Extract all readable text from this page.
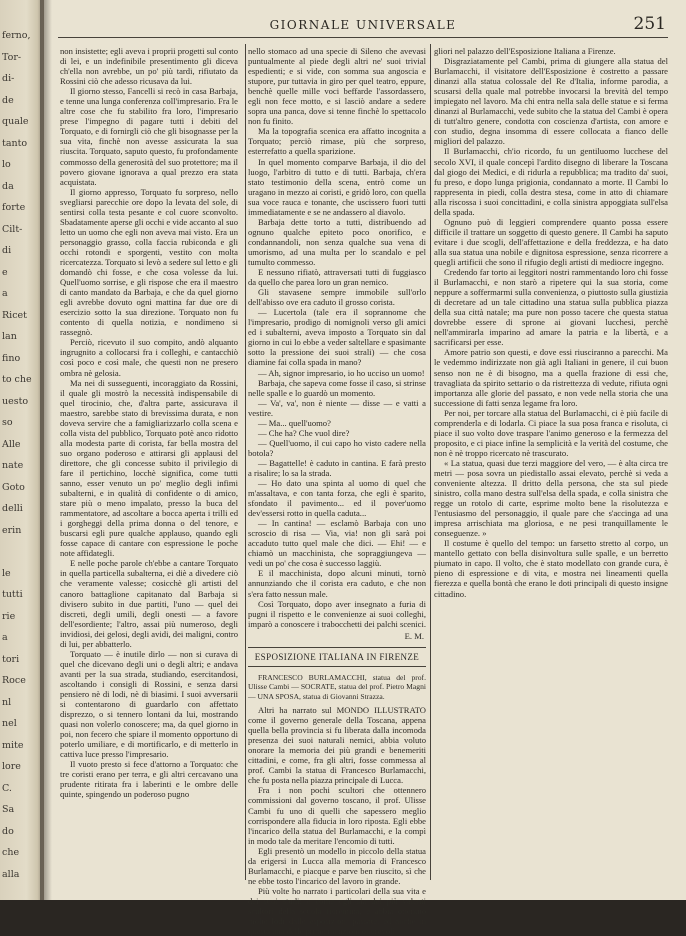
ferno,
Tor-
di-
de
quale
tanto
lo
da
forte
Cilt-
di
e
a
Ricet
lan
fino
to che
uesto
so
Alle
nate
Goto
delli
erin
le
tutti
rie
a
tori
Roce
nl
nel
mite
lore
C.
Sa
do
che
alla
GIORNALE UNIVERSALE	251

non insistette; egli aveva i proprii progetti sul conto di lei, e un indefinibile presentimento gli diceva ch'ella non avrebbe, un po' più tardi, rifiutato da Rossini ciò che adesso ricusava da lui.

Il giorno stesso, Fancelli si recò in casa Barbaja, e tenne una lunga conferenza coll'impresario. Fra le altre cose che fu stabilito fra loro, l'impresario prese l'impegno di pagare tutti i debiti del Torquato, e di fornirgli ciò che gli bisognasse per la sua vita, finchè non avesse assicurata la sua riuscita. Torquato, saputo questo, fu profondamente commosso della generosità del suo protettore; ma il povero giovane ignorava a qual prezzo era stata acquistata.

Il giorno appresso, Torquato fu sorpreso, nello svegliarsi parecchie ore dopo la levata del sole, di sentirsi colla testa pesante e col cuore sconvolto. Sbadatamente aperse gli occhi e vide accanto al suo letto un uomo che egli non aveva mai visto. Era un personaggio grasso, colla faccia rubiconda e gli occhi rotondi e sporgenti, vestito con molta ricercatezza. Torquato si levò a sedere sul letto e gli domandò chi fosse, e che cosa volesse da lui. Quell'uomo sorrise, e gli rispose che era il maestro di canto mandato da Barbaja, e che da quel giorno egli avrebbe dovuto ogni mattina far due ore di esercizio sotto la sua direzione. Torquato non fu contento di quella notizia, e nondimeno si rassegnò.

Perciò, ricevuto il suo compito, andò alquanto ingrugnito a collocarsi fra i colleghi, e cantacchiò così poco e così male, che questi non ne presero ombra nè gelosia.

Ma nei di susseguenti, incoraggiato da Rossini, il quale gli mostrò la necessità indispensabile di quel tirocinio, che, d'altra parte, assicurava il maestro, sarebbe stato di brevissima durata, e non doveva servire che a famigliarizzarlo colla scena e colla vista del pubblico, Torquato potè anco ridotto alla modesta parte di corista, far bella mostra del suo organo poderoso e attirarsi gli applausi del direttore, che gli concesse subito il privilegio di fare il pertichino, locchè significa, come tutti sanno, esser venuto un po' meglio degli infimi subalterni, e in qualità di confidente o di amico, stare più o meno impalato, presso la buca del rammentatore, ad ascoltare a bocca aperta i trilli ed i gorgheggi della prima donna o del tenore, e buscarsi egli pure qualche applauso, quando egli fosse capace di cantare con espressione le poche note affidategli.

E nelle poche parole ch'ebbe a cantare Torquato in quella particella subalterna, ei diè a divedere ciò che veramente valesse; cosicchè gli artisti del canoro battaglione capitanato dal Barbaja si divisero subito in due partiti, l'uno — quel dei discreti, degli umili, degli onesti — a favore dell'esordiente; l'altro, assai più numeroso, degli invidiosi, dei gelosi, degli avidi, dei maligni, contro di lui, per abbatterlo.

Torquato — è inutile dirlo — non si curava di quel che dicevano degli uni o degli altri; e andava avanti per la sua strada, studiando, esercitandosi, ascoltando i consigli di Rossini, e senza darsi pensiero nè di lodi, nè di biasimi. I suoi avversarii si contentarono di guardarlo con affettato disprezzo, o si tennero lontani da lui, mostrando quasi non volerlo conoscere; ma, da quel giorno in poi, non fecero che spiare il momento opportuno di poterlo umiliare, e di mortificarlo, e di metterlo in cattiva luce presso l'impresario.

Il vuoto presto si fece d'attorno a Torquato: che tre coristi erano per terra, e gli altri cercavano una prudente ritirata fra i laberinti e le ombre delle quinte, spingendo un poderoso pugno

nello stomaco ad una specie di Sileno che avevasi puntualmente al piede degli altri ne' suoi trivial espedienti; e si vide, con somma sua angoscia e stupore, pur tuttavia in giro per quel teatro, eppure, benchè quelle mille voci beffarde l'assordassero, egli non fece motto, e si lasciò andare a sedere sopra una panca, dove si tenne finchè lo spettacolo non fu finito.

Ma la topografia scenica era affatto incognita a Torquato; perciò rimase, più che sorpreso, esterrefatto a quella sparizione.

In quel momento comparve Barbaja, il dio del luogo, l'arbitro di tutto e di tutti. Barbaja, ch'era stato testimonio della scena, entrò come un uragano in mezzo ai coristi, e gridò loro, con quella sua voce rauca e tonante, che uscissero fuori tutti immediatamente e se ne andassero al diavolo.

Barbaja dette torto a tutti, distribuendo ad ognuno qualche epiteto poco onorifico, e condannandoli, non senza qualche sua vena di umorismo, ad una multa per lo scandalo e pel tumulto commesso.

E nessuno rifiatò, attraversati tutti di fuggiasco da quello che parea loro un gran nemico.

Gli stavasene sempre immobile sull'orlo dell'abisso ove era caduto il grosso corista.

— Lucertola (tale era il soprannome che l'impresario, prodigo di nomignoli verso gli amici ed i subalterni, aveva imposto a Torquato sin dal giorno in cui lo ebbe a veder saltellare e spasimante sotto la pressione dei suoi strali) — che cosa diamine fai colla spada in mano?

— Ah, signor impresario, io ho ucciso un uomo!

Barbaja, che sapeva come fosse il caso, si strinse nelle spalle e lo guardò un momento.

— Va', va', non è niente — disse — e vatti a vestire.

— Ma... quell'uomo?

— Che ha? Che vuol dire?

— Quell'uomo, il cui capo ho visto cadere nella botola?

— Bagattelle! è caduto in cantina. E farà presto a risalire; lo sa la strada.

— Ho dato una spinta al uomo di quel che m'assaltava, e con tanta forza, che egli è sparito, sfondato il pavimento... ed il pover'uomo dev'essersi rotto in quella caduta...

— In cantina! — esclamò Barbaja con uno scroscio di risa — Via, via! non gli sarà poi accaduto tutto quel male che dici. — Ehi! — e chiamò un macchinista, che sopraggiungeva — vedi un po' che cosa è successo laggiù.

E il macchinista, dopo alcuni minuti, tornò annunziando che il corista era caduto, e che non s'era fatto nessun male.

Così Torquato, dopo aver insegnato a furia di pugni il rispetto e le convenienze ai suoi colleghi, imparò a conoscere i trabocchetti dei palchi scenici.

E. M.
ESPOSIZIONE ITALIANA IN FIRENZE

FRANCESCO BURLAMACCHI, statua del prof. Ulisse Cambi — SOCRATE, statua del prof. Pietro Magni — UNA SPOSA, statua di Giovanni Strazza.

Altri ha narrato sul MONDO ILLUSTRATO come il governo generale della Toscana, appena quella bella provincia si fu liberata dalla incomoda presenza dei suoi naturali nemici, abbia voluto onorare la memoria dei più grandi e benemeriti cittadini, e come, fra gli altri, fosse commessa al prof. Cambi la statua di Francesco Burlamacchi, che fu posta nella piazza principale di Lucca.

Fra i non pochi scultori che ottennero commissioni dal governo toscano, il prof. Ulisse Cambi fu uno di quelli che sapessero meglio corrispondere alla fiducia in loro riposta. Egli ebbe l'incarico della statua del Burlamacchi, e la compì in modo tale da meritare l'encomio di tutti.

Egli presentò un modello in piccolo della statua da erigersi in Lucca alla memoria di Francesco Burlamacchi, e piacque e parve ben riuscito, sì che ne ebbe tosto l'incarico del lavoro in grande.

Più volte ho narrato i particolari della sua vita e dei suoi studi: e come egli sia dei più valenti scultori della scuola fiorentina, e abbia ottenuto molte lodi dalle esposizioni passate, ed anche in questa una delle prime menzioni onorevoli

gliori nel palazzo dell'Esposizione Italiana a Firenze.

Disgraziatamente pel Cambi, prima di giungere alla statua del Burlamacchi, il visitatore dell'Esposizione è costretto a passare dinanzi alla statua colossale del Re d'Italia, informe parodia, a scusarsi della quale mal potrebbe invocarsi la brevità del tempo impiegato nel lavoro. Ma chi entra nella sala delle statue e si ferma dinanzi al Burlamacchi, vede subito che la statua del Cambi è opera di tutt'altro genere, condotta con coscienza d'artista, con amore e con studio, degna insomma di essere collocata a fianco delle migliori del palazzo.

Il Burlamacchi, ch'io ricordo, fu un gentiluomo lucchese del secolo XVI, il quale concepì l'ardito disegno di liberare la Toscana dal giogo dei Medici, e di ridurla a repubblica; ma tradito da' suoi, fu preso, e dopo lunga prigionia, condannato a morte. Il Cambi lo rappresenta in piedi, colla destra stesa, come in atto di chiamare alla riscossa i suoi concittadini, e colla sinistra appoggiata sull'elsa della spada.

Ognuno può di leggieri comprendere quanto possa essere difficile il trattare un soggetto di questo genere. Il Cambi ha saputo evitare i due scogli, dell'affettazione e della freddezza, e ha dato alla sua statua una nobile e dignitosa espressione, senza ricorrere a quegli artificii che sono il rifugio degli artisti di mediocre ingegno.

Credendo far torto ai leggitori nostri rammentando loro chi fosse il Burlamacchi, e non starò a ripetere qui la sua storia, come neppure a soffermarmi sulla convenienza, o piuttosto sulla giustizia di decretare ad un tale cittadino una statua sulla pubblica piazza della sua città natale; ma pure non posso tacere che questa statua dovrebbe essere di sprone ai giovani lucchesi, perchè nell'ammirarla imparino ad amare la patria e la libertà, e a sacrificarsi per esse.

Amore patrio son questi, e dove essi riusciranno a parecchi. Ma le vedemmo indirizzate non già agli Italiani in genere, il cui buon senso non ne è di bisogno, ma a quella frazione di essi che, travagliata da spirito settario o da ristrettezza di vedute, rifiuta ogni importanza alle glorie del passato, e non vede nella storia che una successione di fatti senza legame fra loro.

Per noi, per torcare alla statua del Burlamacchi, ci è più facile di comprenderla e di lodarla. Ci piace la sua posa franca e risoluta, ci piace il suo volto dove traspare l'animo generoso e la fermezza del proposito, e ci piace infine la semplicità e la verità del costume, che non è nè troppo ricercato nè trascurato.

« La statua, quasi due terzi maggiore del vero, — è alta circa tre metri — posa sovra un piedistallo assai elevato, perchè si veda a conveniente altezza. Il dritto della persona, che sta sul piede sinistro, colla mano destra sull'elsa della spada, e colla sinistra che regge un rotolo di carte, esprime molto bene la risolutezza e l'entusiasmo del personaggio, il quale pare che s'accinga ad una impresa arrischiata ma gloriosa, e ne pesi tranquillamente le conseguenze. »

Il costume è quello del tempo: un farsetto stretto al corpo, un mantello gettato con bella disinvoltura sulle spalle, e un berretto piumato in capo. Il volto, che è stato modellato con grande cura, è pieno di espressione e di vita, e mostra nei lineamenti quella fierezza e quella bontà che erano le doti principali di questo insigne cittadino.
